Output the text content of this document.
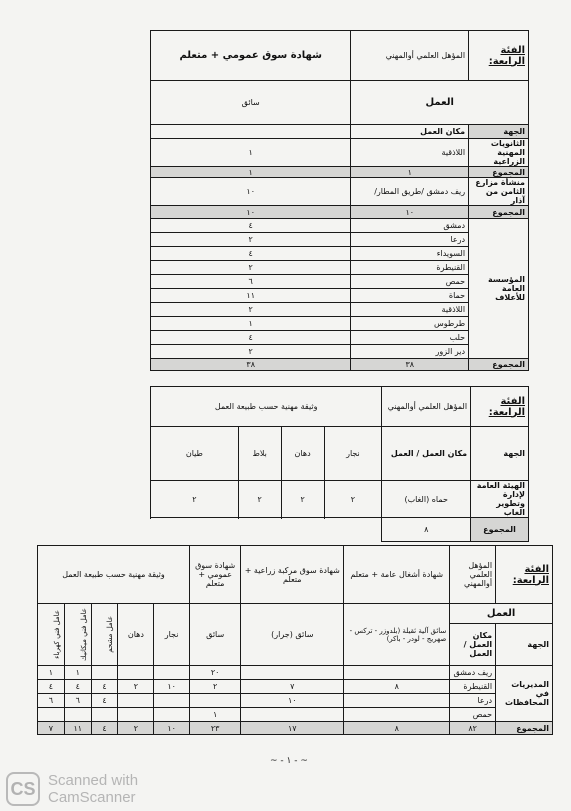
الفئة الرابعة:	المؤهل العلمي أوالمهني	شهادة سوق عمومي + متعلم
العمل		سائق
الجهة	مكان العمل	
الثانويات المهنية الزراعية	اللاذقية	١
المجموع	١	١
منشأة مزارع الثامن من آذار	ريف دمشق /طريق المطار/	١٠
المجموع	١٠	١٠
المؤسسة العامة للأعلاف	دمشق	٤
	درعا	٢
	السويداء	٤
	القنيطرة	٢
	حمص	٦
	حماة	١١
	اللاذقية	٢
	طرطوس	١
	حلب	٤
	دير الزور	٢
المجموع	٣٨	٣٨
الفئة الرابعة:	المؤهل العلمي أوالمهني	وثيقة مهنية حسب طبيعة العمل			
الجهة	مكان العمل / العمل	نجار	دهان	بلاط	طيان
الهيئة العامة لإدارة وتطوير الغاب	حماه (الغاب)	٢	٢	٢	٢

المجموع	٨				
الفئة الرابعة:	المؤهل العلمي أوالمهني	شهادة أشغال عامة + متعلم	شهادة سوق مركبة زراعية + متعلم	شهادة سوق عمومي + متعلم	وثيقة مهنية حسب طبيعة العمل				
العمل		سائق آلية ثقيلة (بلدوزر - تركس - صهريج - لودر - باكر)	سائق (جرار)	سائق	نجار	دهان	عامل مشحم	عامل فني ميكانيك	عامل فني كهرباء

الجهة	مكان العمل / العمل								
المديريات في المحافظات	ريف دمشق			٢٠				١	١
	القنيطرة	٨	٧	٢	١٠	٢	٤	٤	٤
	درعا		١٠				٤	٦	٦
	حمص			١					
المجموع	٨٢	٨	١٧	٢٣	١٠	٢	٤	١١	٧
~ - ١ - ~
CS Scanned with
CamScanner
